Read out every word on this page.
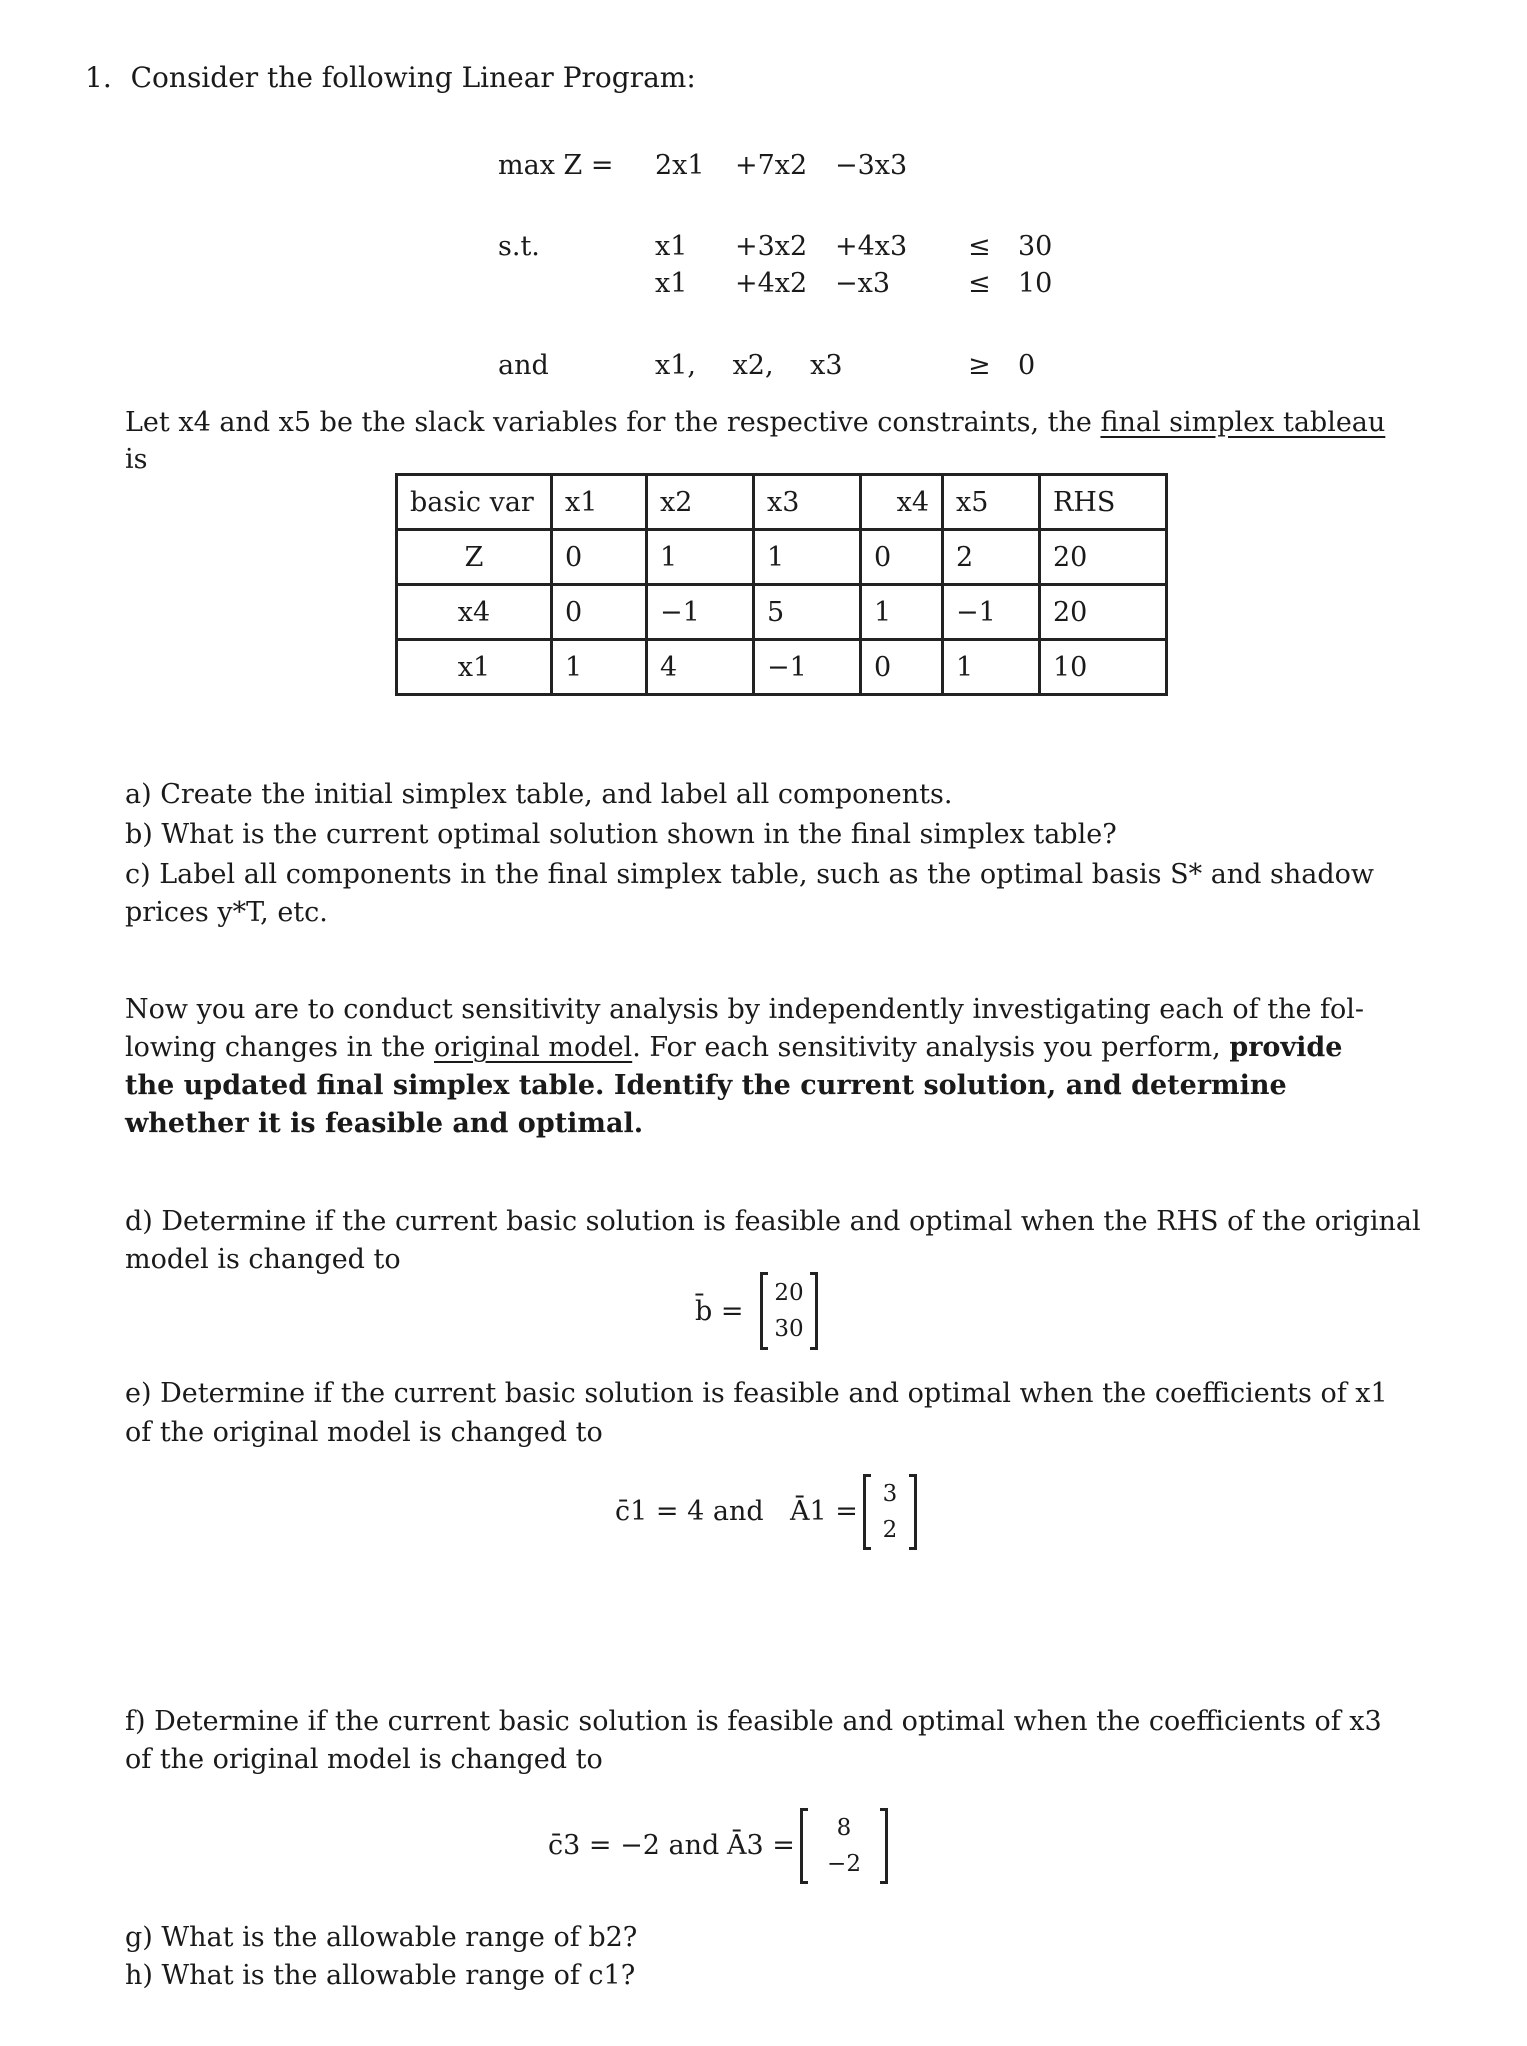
1. Consider the following Linear Program:
max Z = 2x1 +7x2 −3x3
s.t.	x1 +3x2 +4x3 ≤ 30
x1 +4x2 −x3	≤ 10
and	x1, x2, x3	≥ 0
Let x4 and x5 be the slack variables for the respective constraints, the final simplex tableau
is
basic var	x1	x2	x3	x4	x5	RHS
Z	0	1	1	0	2	20
x4	0	−1	5	1	−1	20
x1	1	4	−1	0	1	10
a) Create the initial simplex table, and label all components.
b) What is the current optimal solution shown in the final simplex table?
c) Label all components in the final simplex table, such as the optimal basis S* and shadow
prices y*T, etc.
Now you are to conduct sensitivity analysis by independently investigating each of the fol-
lowing changes in the original model. For each sensitivity analysis you perform, provide
the updated final simplex table. Identify the current solution, and determine
whether it is feasible and optimal.
d) Determine if the current basic solution is feasible and optimal when the RHS of the original
model is changed to
b̄ =
20
30
e) Determine if the current basic solution is feasible and optimal when the coefficients of x1
of the original model is changed to
c̄1 = 4 and Ā1 =
3
2
f) Determine if the current basic solution is feasible and optimal when the coefficients of x3
of the original model is changed to
c̄3 = −2 and Ā3 =
8
−2
g) What is the allowable range of b2?
h) What is the allowable range of c1?
